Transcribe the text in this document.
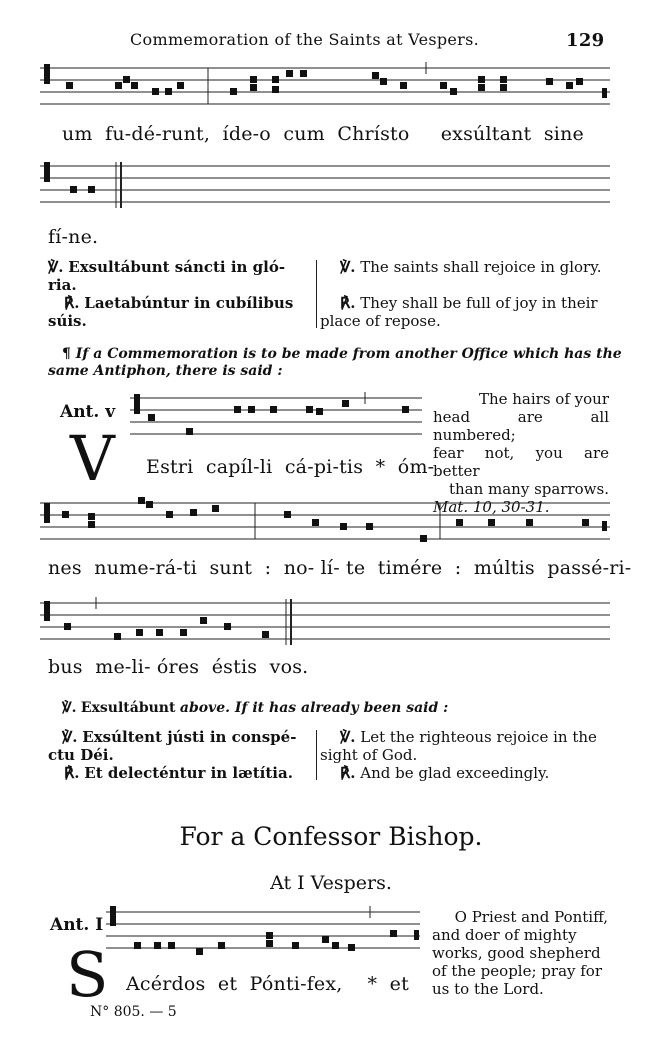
Commemoration of the Saints at Vespers.	129
um  fu-dé-runt,  íde-o  cum  Chrísto     exsúltant  sine
fí-ne.
℣. Exsultábunt sáncti in gló-
ria.
℟. Laetabúntur in cubílibus
súis.
℣. The saints shall rejoice in glory.
℟. They shall be full of joy in their
place of repose.
¶ If a Commemoration is to be made from another Office which has the
same Antiphon, there is said :
Ant. v
V Estri  capíl-li  cá-pi-tis  *  óm-
The hairs of your
head are all numbered;
fear not, you are better
than many sparrows.
Mat. 10, 30-31.
nes  nume-rá-ti  sunt  :  no- lí- te  timére  :  múltis  passé-ri-
bus  me-li- óres  éstis  vos.
℣. Exsultábunt above. If it has already been said :
℣. Exsúltent jústi in conspé-
ctu Déi.
℟. Et delecténtur in lætítia.
℣. Let the righteous rejoice in the
sight of God.
℟. And be glad exceedingly.
For a Confessor Bishop.
At I Vespers.
Ant. I
S Acérdos  et  Pónti-fex,    *  et
O Priest and Pontiff,
and doer of mighty
works, good shepherd
of the people; pray for
us to the Lord.
N° 805. — 5
